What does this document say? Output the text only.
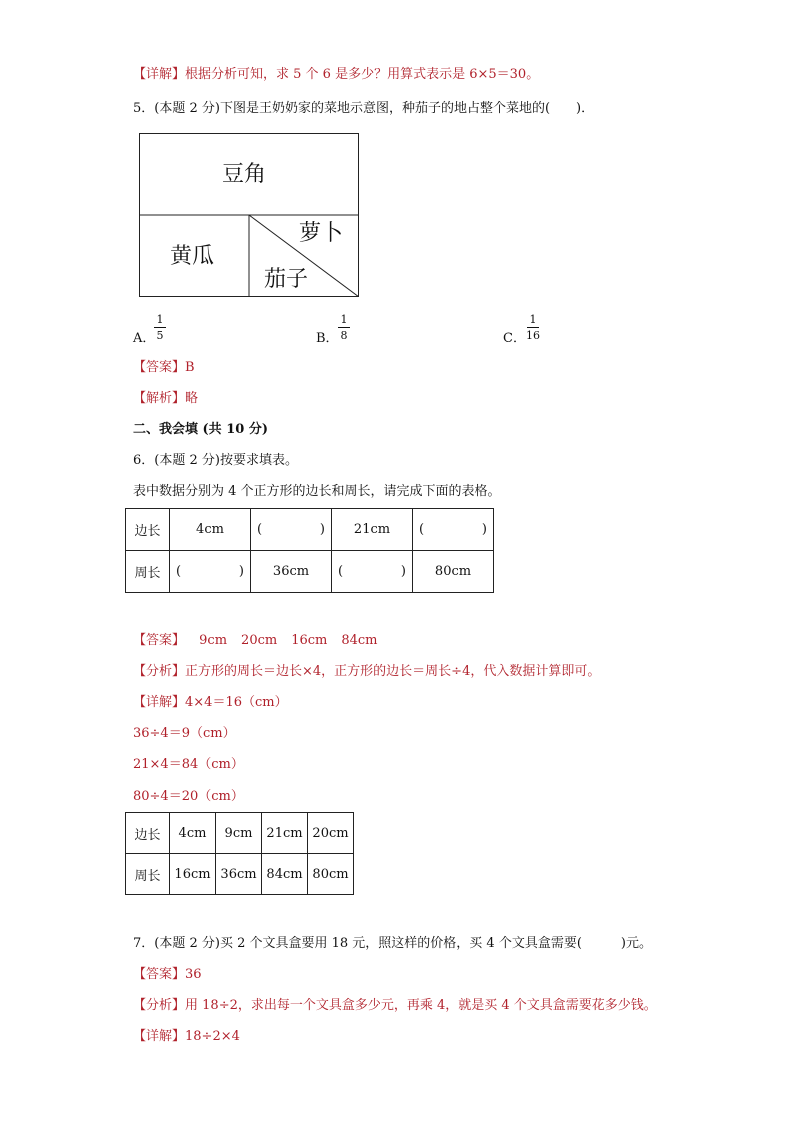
【详解】根据分析可知，求 5 个 6 是多少？用算式表示是 6×5＝30。
5．(本题 2 分)下图是王奶奶家的菜地示意图，种茄子的地占整个菜地的(　　)．
豆角
黄瓜
萝卜
茄子
A．
1
5	B．
1
8	C．
1
16
【答案】B
【解析】略
二、我会填 (共 10 分)
6．(本题 2 分)按要求填表。
表中数据分别为 4 个正方形的边长和周长，请完成下面的表格。
边长	4cm	( )	21cm	( )

周长	( )	36cm	( )	80cm
【答案】 9cm 20cm 16cm 84cm
【分析】正方形的周长＝边长×4，正方形的边长＝周长÷4，代入数据计算即可。
【详解】4×4＝16（cm）
36÷4＝9（cm）
21×4＝84（cm）
80÷4＝20（cm）
边长	4cm	9cm	21cm	20cm
周长	16cm	36cm	84cm	80cm
7．(本题 2 分)买 2 个文具盒要用 18 元，照这样的价格，买 4 个文具盒需要(　　　)元。
【答案】36
【分析】用 18÷2，求出每一个文具盒多少元，再乘 4，就是买 4 个文具盒需要花多少钱。
【详解】18÷2×4
